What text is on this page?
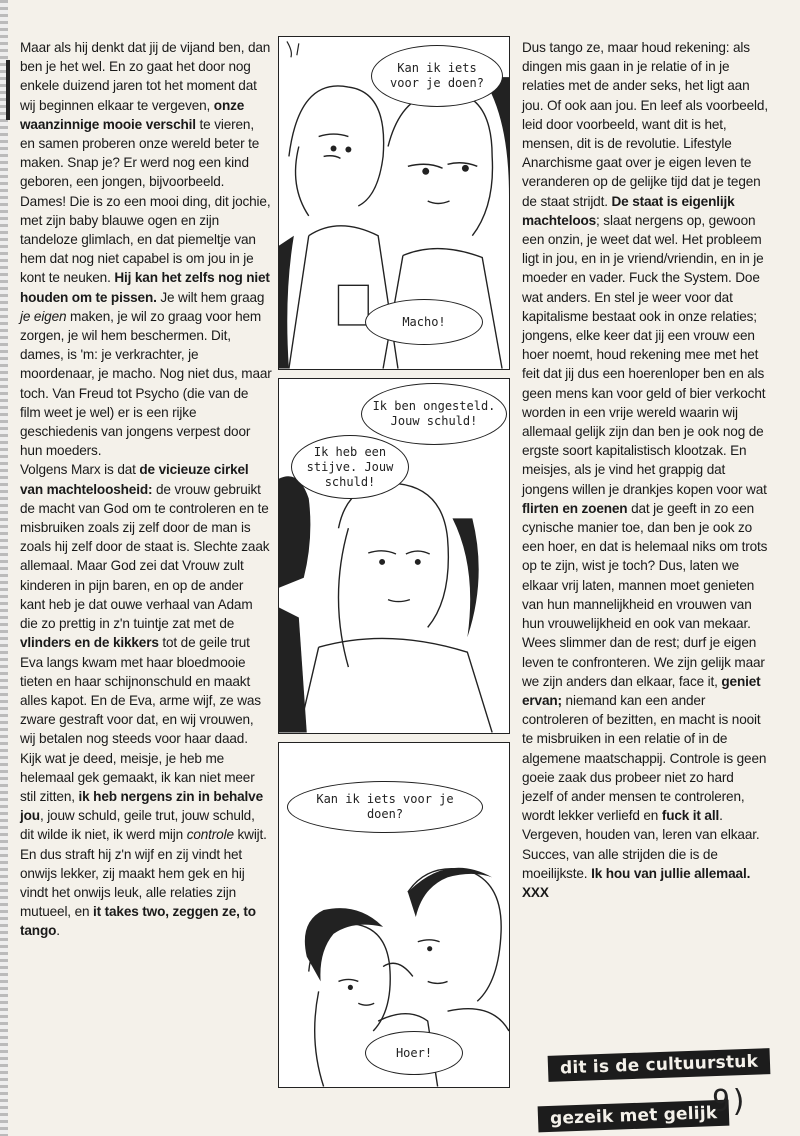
Maar als hij denkt dat jij de vijand ben, dan ben je het wel. En zo gaat het door nog enkele duizend jaren tot het moment dat wij beginnen elkaar te vergeven, onze waanzinnige mooie verschil te vieren, en samen proberen onze wereld beter te maken. Snap je? Er werd nog een kind geboren, een jongen, bijvoorbeeld. Dames! Die is zo een mooi ding, dit jochie, met zijn baby blauwe ogen en zijn tandeloze glimlach, en dat piemeltje van hem dat nog niet capabel is om jou in je kont te neuken. Hij kan het zelfs nog niet houden om te pissen. Je wilt hem graag je eigen maken, je wil zo graag voor hem zorgen, je wil hem beschermen. Dit, dames, is 'm: je verkrachter, je moordenaar, je macho. Nog niet dus, maar toch. Van Freud tot Psycho (die van de film weet je wel) er is een rijke geschiedenis van jongens verpest door hun moeders.
Volgens Marx is dat de vicieuze cirkel van machteloosheid: de vrouw gebruikt de macht van God om te controleren en te misbruiken zoals zij zelf door de man is zoals hij zelf door de staat is. Slechte zaak allemaal. Maar God zei dat Vrouw zult kinderen in pijn baren, en op de ander kant heb je dat ouwe verhaal van Adam die zo prettig in z'n tuintje zat met de vlinders en de kikkers tot de geile trut Eva langs kwam met haar bloedmooie tieten en haar schijnonschuld en maakt alles kapot. En de Eva, arme wijf, ze was zware gestraft voor dat, en wij vrouwen, wij betalen nog steeds voor haar daad. Kijk wat je deed, meisje, je heb me helemaal gek gemaakt, ik kan niet meer stil zitten, ik heb nergens zin in behalve jou, jouw schuld, geile trut, jouw schuld, dit wilde ik niet, ik werd mijn controle kwijt. En dus straft hij z'n wijf en zij vindt het onwijs lekker, zij maakt hem gek en hij vindt het onwijs leuk, alle relaties zijn mutueel, en it takes two, zeggen ze, to tango.

Dus tango ze, maar houd rekening: als dingen mis gaan in je relatie of in je relaties met de ander seks, het ligt aan jou. Of ook aan jou. En leef als voorbeeld, leid door voorbeeld, want dit is het, mensen, dit is de revolutie. Lifestyle Anarchisme gaat over je eigen leven te veranderen op de gelijke tijd dat je tegen de staat strijdt. De staat is eigenlijk machteloos; slaat nergens op, gewoon een onzin, je weet dat wel. Het probleem ligt in jou, en in je vriend/vriendin, en in je moeder en vader. Fuck the System. Doe wat anders. En stel je weer voor dat kapitalisme bestaat ook in onze relaties; jongens, elke keer dat jij een vrouw een hoer noemt, houd rekening mee met het feit dat jij dus een hoerenloper ben en als geen mens kan voor geld of bier verkocht worden in een vrije wereld waarin wij allemaal gelijk zijn dan ben je ook nog de ergste soort kapitalistisch klootzak. En meisjes, als je vind het grappig dat jongens willen je drankjes kopen voor wat flirten en zoenen dat je geeft in zo een cynische manier toe, dan ben je ook zo een hoer, en dat is helemaal niks om trots op te zijn, wist je toch? Dus, laten we elkaar vrij laten, mannen moet genieten van hun mannelijkheid en vrouwen van hun vrouwelijkheid en ook van mekaar. Wees slimmer dan de rest; durf je eigen leven te confronteren. We zijn gelijk maar we zijn anders dan elkaar, face it, geniet ervan; niemand kan een ander controleren of bezitten, en macht is nooit te misbruiken in een relatie of in de algemene maatschappij. Controle is geen goeie zaak dus probeer niet zo hard jezelf of ander mensen te controleren, wordt lekker verliefd en fuck it all. Vergeven, houden van, leren van elkaar. Succes, van alle strijden die is de moeilijkste. Ik hou van jullie allemaal. XXX

Kan ik iets voor je doen?
Macho!
Ik ben ongesteld. Jouw schuld!
Ik heb een stijve. Jouw schuld!
Kan ik iets voor je doen?
Hoer!	dit is de cultuurstuk
gezeik met gelijk
9)
